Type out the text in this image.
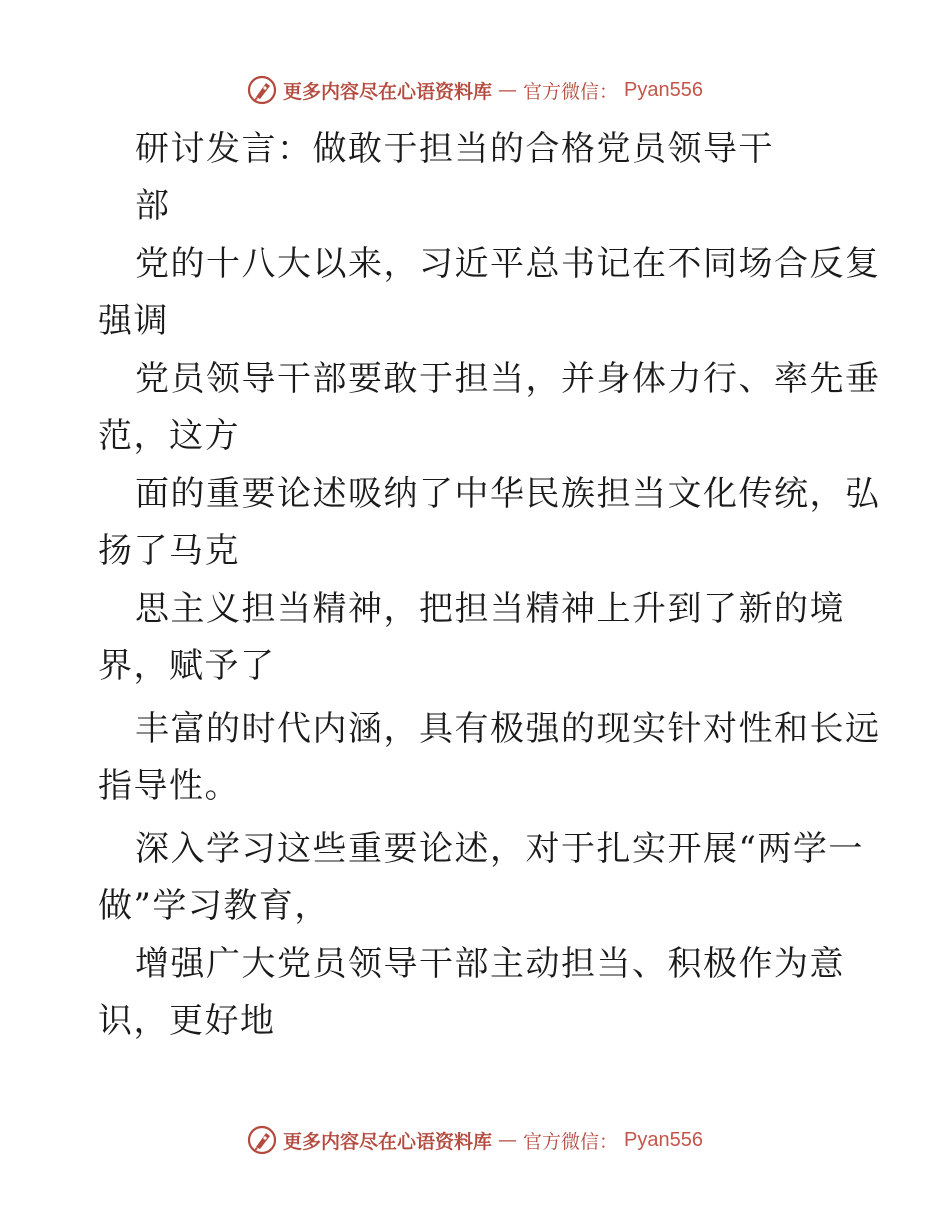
更多内容尽在心语资料库 — 官方微信： Pyan556
研讨发言：做敢于担当的合格党员领导干
部
党的十八大以来，习近平总书记在不同场合反复
强调
党员领导干部要敢于担当，并身体力行、率先垂
范，这方
面的重要论述吸纳了中华民族担当文化传统，弘
扬了马克
思主义担当精神，把担当精神上升到了新的境
界，赋予了
丰富的时代内涵，具有极强的现实针对性和长远
指导性。
深入学习这些重要论述，对于扎实开展“两学一
做”学习教育，
增强广大党员领导干部主动担当、积极作为意
识，更好地
更多内容尽在心语资料库 — 官方微信： Pyan556
